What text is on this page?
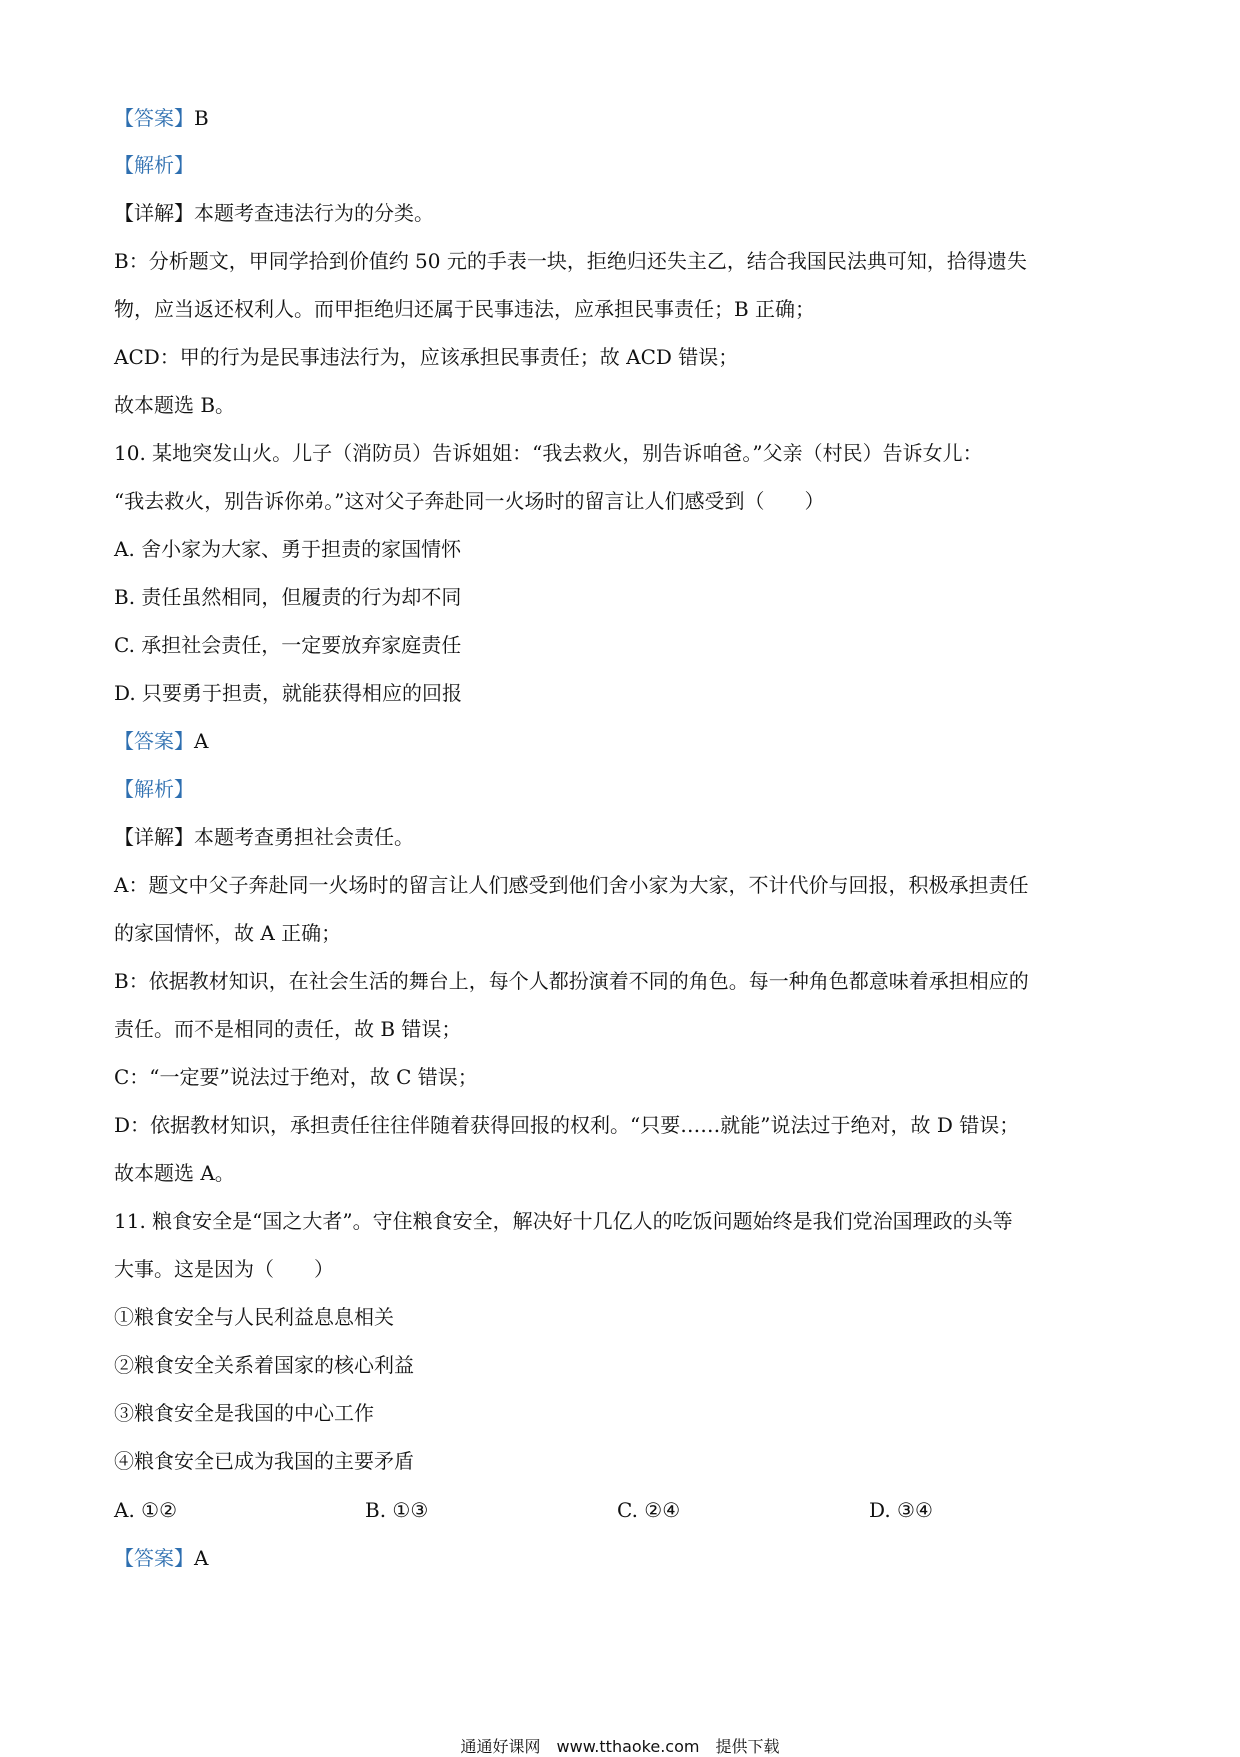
【答案】B
【解析】
【详解】本题考查违法行为的分类。
B：分析题文，甲同学拾到价值约 50 元的手表一块，拒绝归还失主乙，结合我国民法典可知，拾得遗失
物，应当返还权利人。而甲拒绝归还属于民事违法，应承担民事责任；B 正确；
ACD：甲的行为是民事违法行为，应该承担民事责任；故 ACD 错误；
故本题选 B。
10. 某地突发山火。儿子（消防员）告诉姐姐：“我去救火，别告诉咱爸。”父亲（村民）告诉女儿：
“我去救火，别告诉你弟。”这对父子奔赴同一火场时的留言让人们感受到（　　）
A. 舍小家为大家、勇于担责的家国情怀
B. 责任虽然相同，但履责的行为却不同
C. 承担社会责任，一定要放弃家庭责任
D. 只要勇于担责，就能获得相应的回报
【答案】A
【解析】
【详解】本题考查勇担社会责任。
A：题文中父子奔赴同一火场时的留言让人们感受到他们舍小家为大家，不计代价与回报，积极承担责任
的家国情怀，故 A 正确；
B：依据教材知识，在社会生活的舞台上，每个人都扮演着不同的角色。每一种角色都意味着承担相应的
责任。而不是相同的责任，故 B 错误；
C：“一定要”说法过于绝对，故 C 错误；
D：依据教材知识，承担责任往往伴随着获得回报的权利。“只要……就能”说法过于绝对，故 D 错误；
故本题选 A。
11. 粮食安全是“国之大者”。守住粮食安全，解决好十几亿人的吃饭问题始终是我们党治国理政的头等
大事。这是因为（　　）
①粮食安全与人民利益息息相关
②粮食安全关系着国家的核心利益
③粮食安全是我国的中心工作
④粮食安全已成为我国的主要矛盾
A. ①②	B. ①③	C. ②④	D. ③④
【答案】A
通通好课网　www.tthaoke.com　提供下载
